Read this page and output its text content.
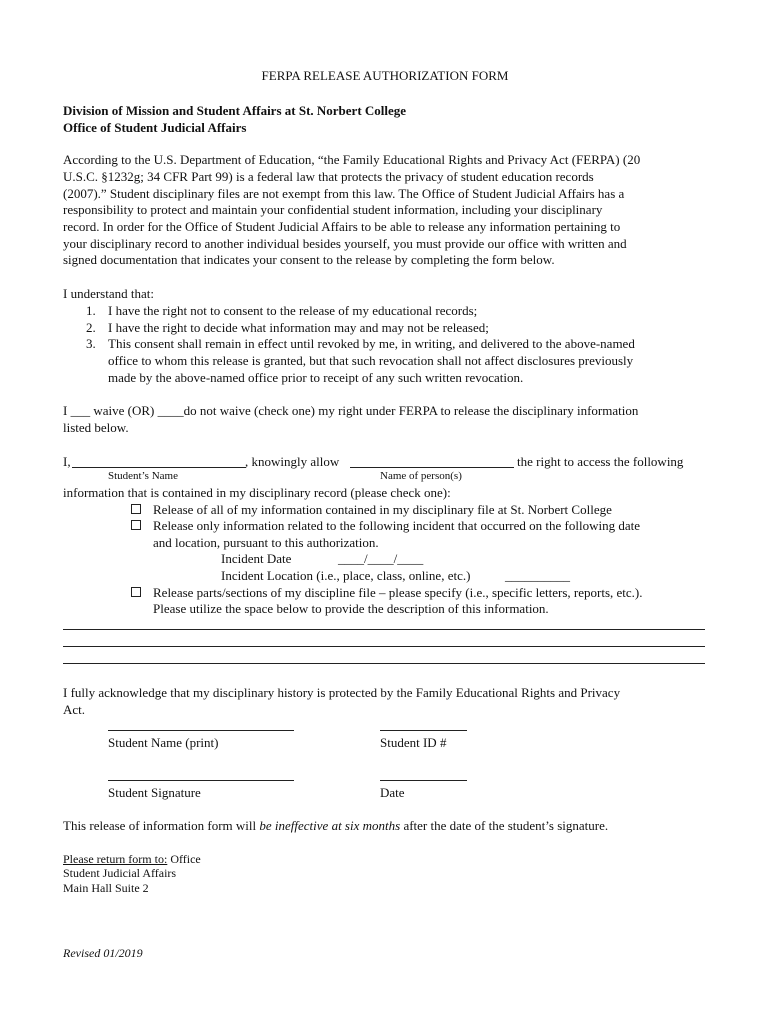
FERPA RELEASE AUTHORIZATION FORM
Division of Mission and Student Affairs at St. Norbert College
Office of Student Judicial Affairs
According to the U.S. Department of Education, “the Family Educational Rights and Privacy Act (FERPA) (20
U.S.C. §1232g; 34 CFR Part 99) is a federal law that protects the privacy of student education records
(2007).” Student disciplinary files are not exempt from this law. The Office of Student Judicial Affairs has a
responsibility to protect and maintain your confidential student information, including your disciplinary
record. In order for the Office of Student Judicial Affairs to be able to release any information pertaining to
your disciplinary record to another individual besides yourself, you must provide our office with written and
signed documentation that indicates your consent to the release by completing the form below.
I understand that:
1. I have the right not to consent to the release of my educational records;
2. I have the right to decide what information may and may not be released;
3. This consent shall remain in effect until revoked by me, in writing, and delivered to the above-named
office to whom this release is granted, but that such revocation shall not affect disclosures previously
made by the above-named office prior to receipt of any such written revocation.
I ___ waive (OR) ____do not waive (check one) my right under FERPA to release the disciplinary information
listed below.
I,	, knowingly allow	the right to access the following
Student’s Name	Name of person(s)
information that is contained in my disciplinary record (please check one):
Release of all of my information contained in my disciplinary file at St. Norbert College
Release only information related to the following incident that occurred on the following date
and location, pursuant to this authorization.
Incident Date	____/____/____
Incident Location (i.e., place, class, online, etc.)	__________
Release parts/sections of my discipline file – please specify (i.e., specific letters, reports, etc.).
Please utilize the space below to provide the description of this information.
I fully acknowledge that my disciplinary history is protected by the Family Educational Rights and Privacy
Act.
Student Name (print)	Student ID #
Student Signature	Date
This release of information form will be ineffective at six months after the date of the student’s signature.
Please return form to: Office
Student Judicial Affairs
Main Hall Suite 2
Revised 01/2019
